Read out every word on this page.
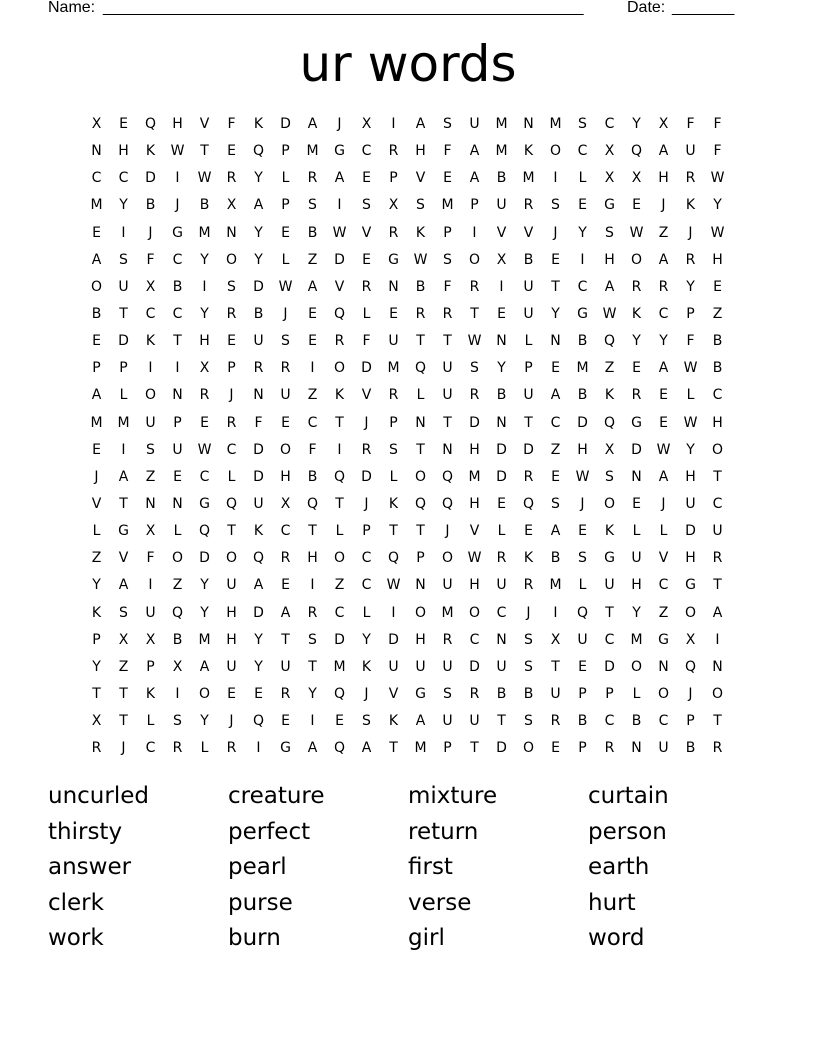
Name: ______________________________________________________	Date: _______
ur words
X	E	Q	H	V	F	K	D	A	J	X	I	A	S	U	M	N	M	S	C	Y	X	F	F
N	H	K	W	T	E	Q	P	M	G	C	R	H	F	A	M	K	O	C	X	Q	A	U	F
C	C	D	I	W	R	Y	L	R	A	E	P	V	E	A	B	M	I	L	X	X	H	R	W
M	Y	B	J	B	X	A	P	S	I	S	X	S	M	P	U	R	S	E	G	E	J	K	Y
E	I	J	G	M	N	Y	E	B	W	V	R	K	P	I	V	V	J	Y	S	W	Z	J	W
A	S	F	C	Y	O	Y	L	Z	D	E	G	W	S	O	X	B	E	I	H	O	A	R	H
O	U	X	B	I	S	D	W	A	V	R	N	B	F	R	I	U	T	C	A	R	R	Y	E
B	T	C	C	Y	R	B	J	E	Q	L	E	R	R	T	E	U	Y	G	W	K	C	P	Z
E	D	K	T	H	E	U	S	E	R	F	U	T	T	W	N	L	N	B	Q	Y	Y	F	B
P	P	I	I	X	P	R	R	I	O	D	M	Q	U	S	Y	P	E	M	Z	E	A	W	B
A	L	O	N	R	J	N	U	Z	K	V	R	L	U	R	B	U	A	B	K	R	E	L	C
M	M	U	P	E	R	F	E	C	T	J	P	N	T	D	N	T	C	D	Q	G	E	W	H
E	I	S	U	W	C	D	O	F	I	R	S	T	N	H	D	D	Z	H	X	D	W	Y	O
J	A	Z	E	C	L	D	H	B	Q	D	L	O	Q	M	D	R	E	W	S	N	A	H	T
V	T	N	N	G	Q	U	X	Q	T	J	K	Q	Q	H	E	Q	S	J	O	E	J	U	C
L	G	X	L	Q	T	K	C	T	L	P	T	T	J	V	L	E	A	E	K	L	L	D	U
Z	V	F	O	D	O	Q	R	H	O	C	Q	P	O	W	R	K	B	S	G	U	V	H	R
Y	A	I	Z	Y	U	A	E	I	Z	C	W	N	U	H	U	R	M	L	U	H	C	G	T
K	S	U	Q	Y	H	D	A	R	C	L	I	O	M	O	C	J	I	Q	T	Y	Z	O	A
P	X	X	B	M	H	Y	T	S	D	Y	D	H	R	C	N	S	X	U	C	M	G	X	I
Y	Z	P	X	A	U	Y	U	T	M	K	U	U	U	D	U	S	T	E	D	O	N	Q	N
T	T	K	I	O	E	E	R	Y	Q	J	V	G	S	R	B	B	U	P	P	L	O	J	O
X	T	L	S	Y	J	Q	E	I	E	S	K	A	U	U	T	S	R	B	C	B	C	P	T
R	J	C	R	L	R	I	G	A	Q	A	T	M	P	T	D	O	E	P	R	N	U	B	R
uncurled	creature	mixture	curtain
thirsty	perfect	return	person
answer	pearl	first	earth
clerk	purse	verse	hurt
work	burn	girl	word
